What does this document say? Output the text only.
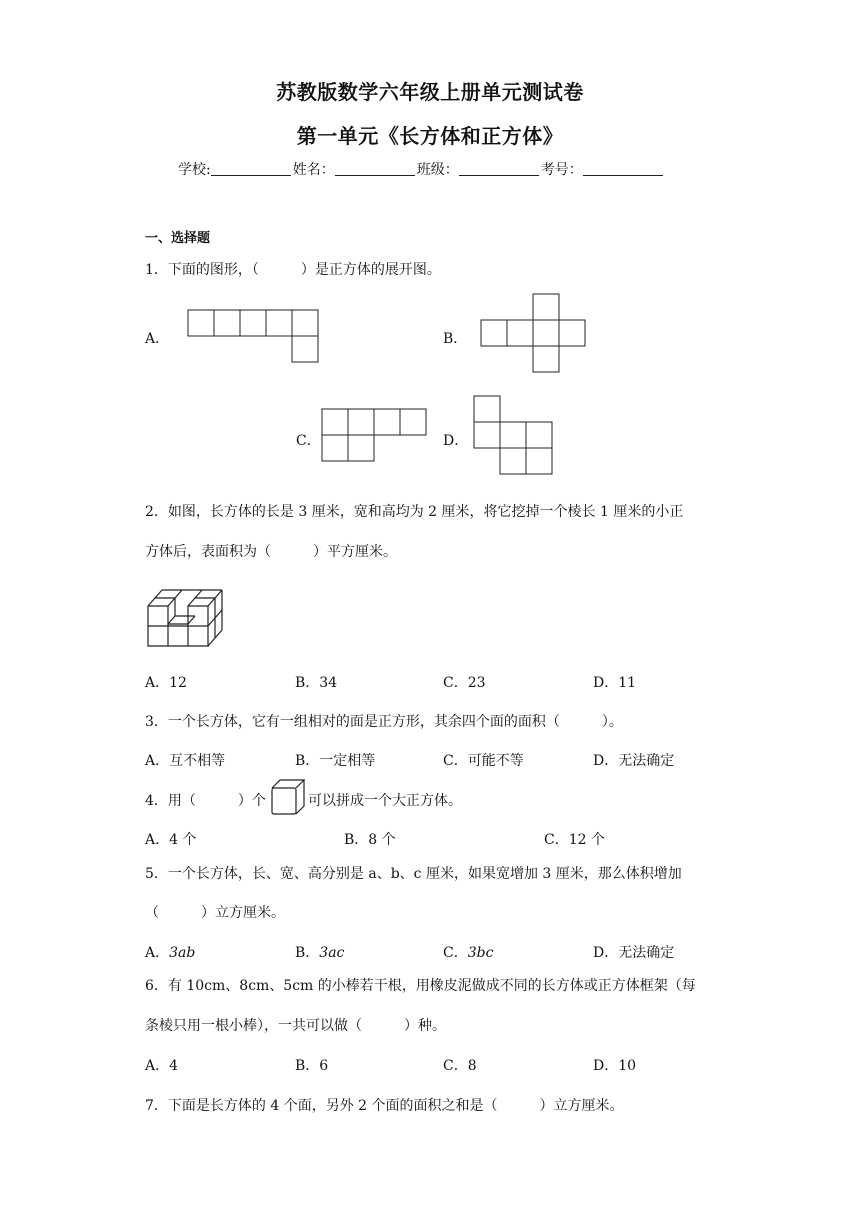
苏教版数学六年级上册单元测试卷
第一单元《长方体和正方体》
学校:	姓名：	班级：	考号：
一、选择题
1．下面的图形，（　　　）是正方体的展开图。
A．	B．
C．	D．
2．如图，长方体的长是 3 厘米，宽和高均为 2 厘米，将它挖掉一个棱长 1 厘米的小正
方体后，表面积为（　　　）平方厘米。
A．12	B．34	C．23	D．11
3．一个长方体，它有一组相对的面是正方形，其余四个面的面积（　　　）。
A．互不相等	B．一定相等	C．可能不等	D．无法确定
4．用（　　　）个	可以拼成一个大正方体。
A．4 个	B．8 个	C．12 个
5．一个长方体，长、宽、高分别是 a、b、c 厘米，如果宽增加 3 厘米，那么体积增加
（　　　）立方厘米。
A．3ab	B．3ac	C．3bc	D．无法确定
6．有 10cm、8cm、5cm 的小棒若干根，用橡皮泥做成不同的长方体或正方体框架（每
条棱只用一根小棒），一共可以做（　　　）种。
A．4	B．6	C．8	D．10
7．下面是长方体的 4 个面，另外 2 个面的面积之和是（　　　）立方厘米。
